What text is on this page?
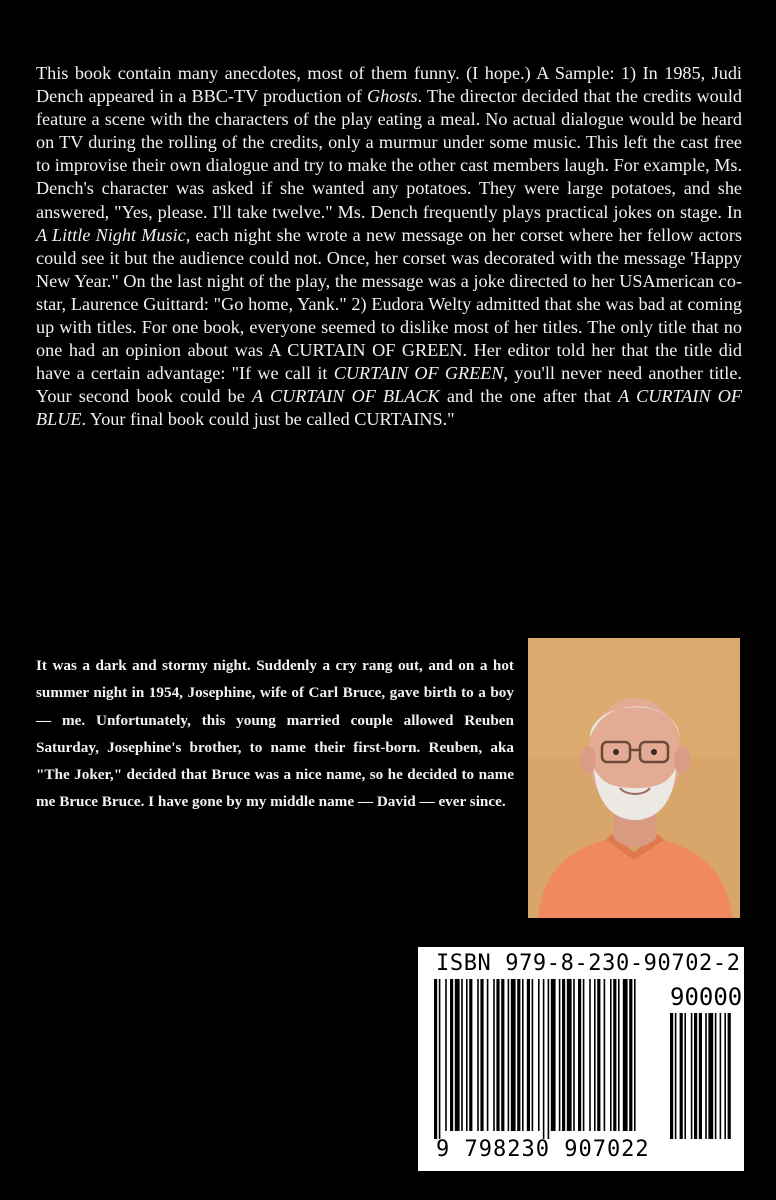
This book contain many anecdotes, most of them funny. (I hope.) A Sample: 1) In 1985, Judi Dench appeared in a BBC-TV production of Ghosts. The director decided that the credits would feature a scene with the characters of the play eating a meal. No actual dialogue would be heard on TV during the rolling of the credits, only a murmur under some music. This left the cast free to improvise their own dialogue and try to make the other cast members laugh. For example, Ms. Dench's character was asked if she wanted any potatoes. They were large potatoes, and she answered, "Yes, please. I'll take twelve." Ms. Dench frequently plays practical jokes on stage. In A Little Night Music, each night she wrote a new message on her corset where her fellow actors could see it but the audience could not. Once, her corset was decorated with the message 'Happy New Year." On the last night of the play, the message was a joke directed to her USAmerican co-star, Laurence Guittard: "Go home, Yank." 2) Eudora Welty admitted that she was bad at coming up with titles. For one book, everyone seemed to dislike most of her titles. The only title that no one had an opinion about was A CURTAIN OF GREEN. Her editor told her that the title did have a certain advantage: "If we call it CURTAIN OF GREEN, you'll never need another title. Your second book could be A CURTAIN OF BLACK and the one after that A CURTAIN OF BLUE. Your final book could just be called CURTAINS."

It was a dark and stormy night. Suddenly a cry rang out, and on a hot summer night in 1954, Josephine, wife of Carl Bruce, gave birth to a boy — me. Unfortunately, this young married couple allowed Reuben Saturday, Josephine's brother, to name their first-born. Reuben, aka "The Joker," decided that Bruce was a nice name, so he decided to name me Bruce Bruce. I have gone by my middle name — David — ever since.

ISBN 979-8-230-90702-2
90000
9 798230 907022
